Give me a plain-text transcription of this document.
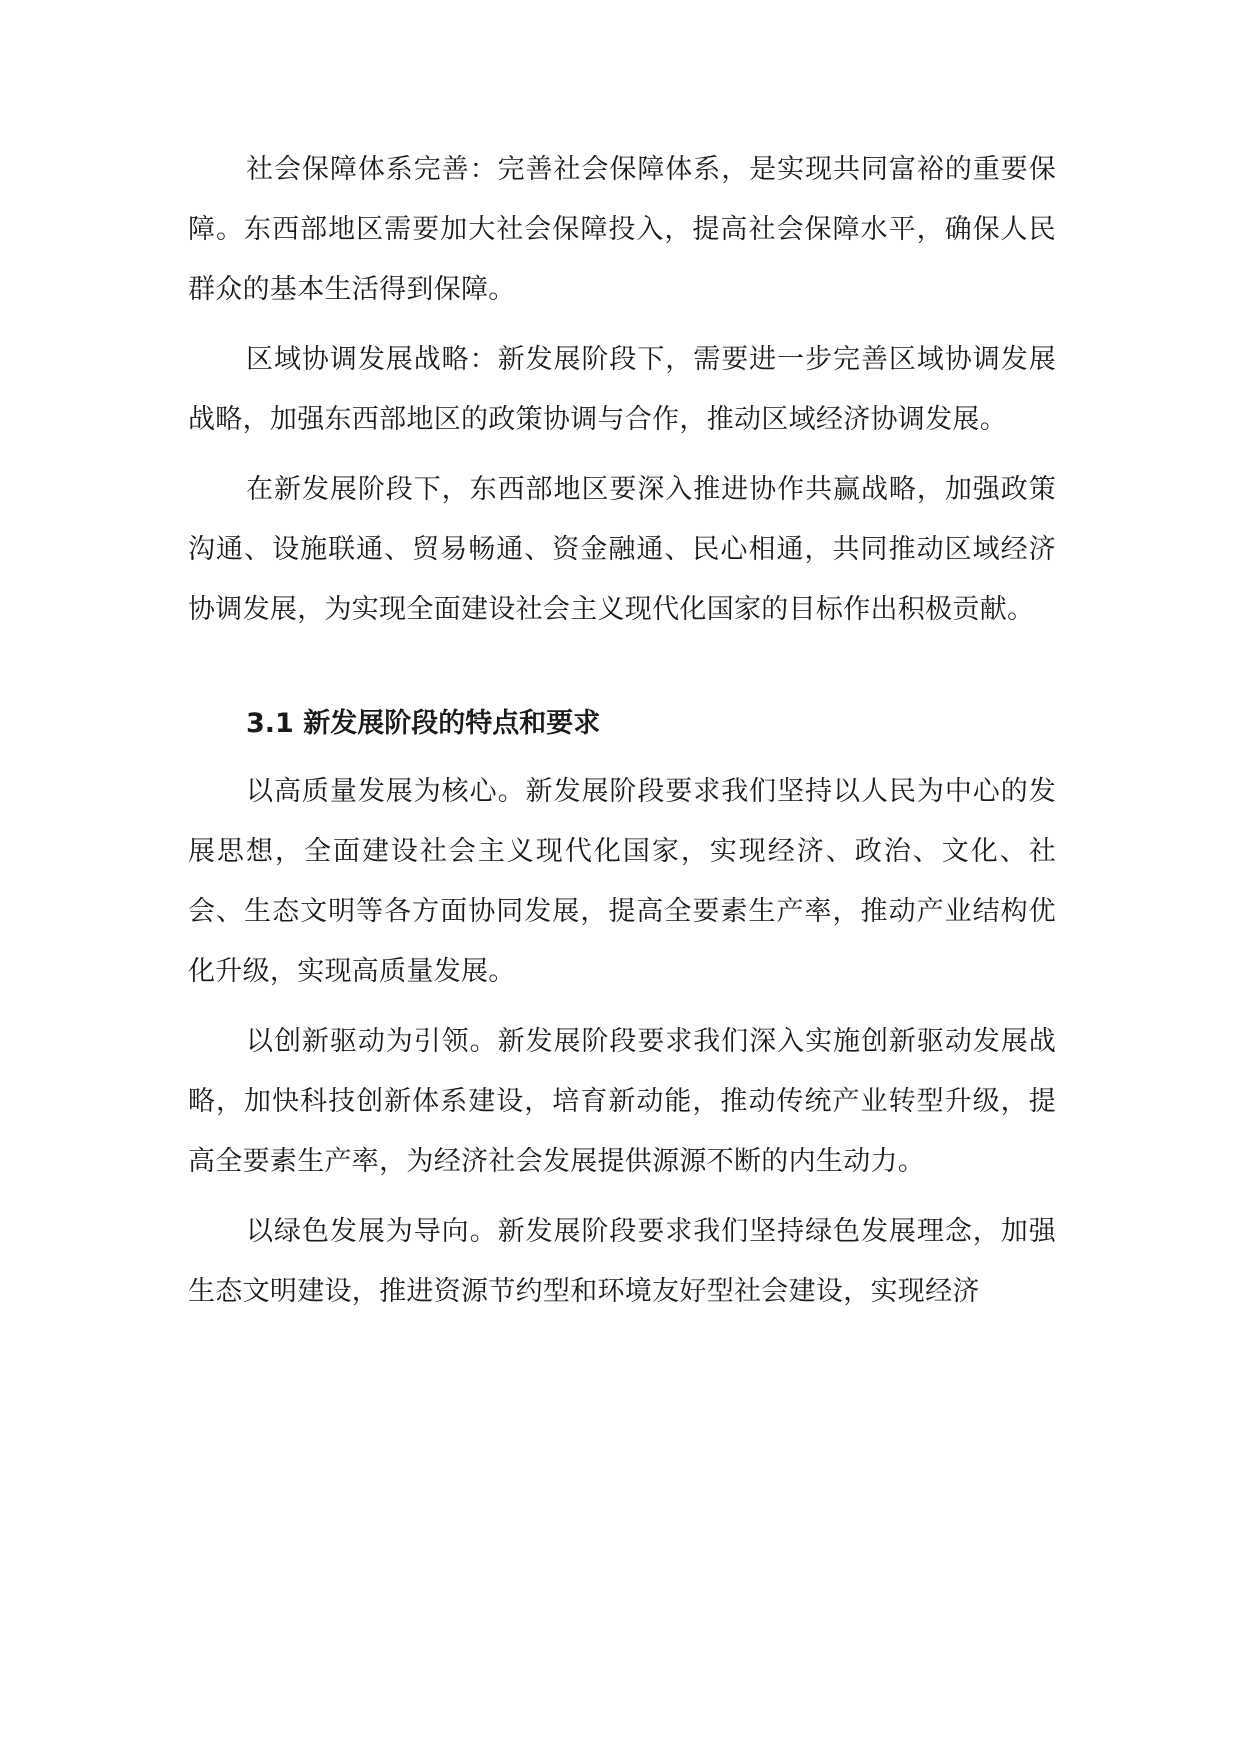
社会保障体系完善：完善社会保障体系，是实现共同富裕的重要保障。东西部地区需要加大社会保障投入，提高社会保障水平，确保人民群众的基本生活得到保障。

区域协调发展战略：新发展阶段下，需要进一步完善区域协调发展战略，加强东西部地区的政策协调与合作，推动区域经济协调发展。

在新发展阶段下，东西部地区要深入推进协作共赢战略，加强政策沟通、设施联通、贸易畅通、资金融通、民心相通，共同推动区域经济协调发展，为实现全面建设社会主义现代化国家的目标作出积极贡献。

3.1 新发展阶段的特点和要求

以高质量发展为核心。新发展阶段要求我们坚持以人民为中心的发展思想，全面建设社会主义现代化国家，实现经济、政治、文化、社会、生态文明等各方面协同发展，提高全要素生产率，推动产业结构优化升级，实现高质量发展。

以创新驱动为引领。新发展阶段要求我们深入实施创新驱动发展战略，加快科技创新体系建设，培育新动能，推动传统产业转型升级，提高全要素生产率，为经济社会发展提供源源不断的内生动力。

以绿色发展为导向。新发展阶段要求我们坚持绿色发展理念，加强生态文明建设，推进资源节约型和环境友好型社会建设，实现经济
